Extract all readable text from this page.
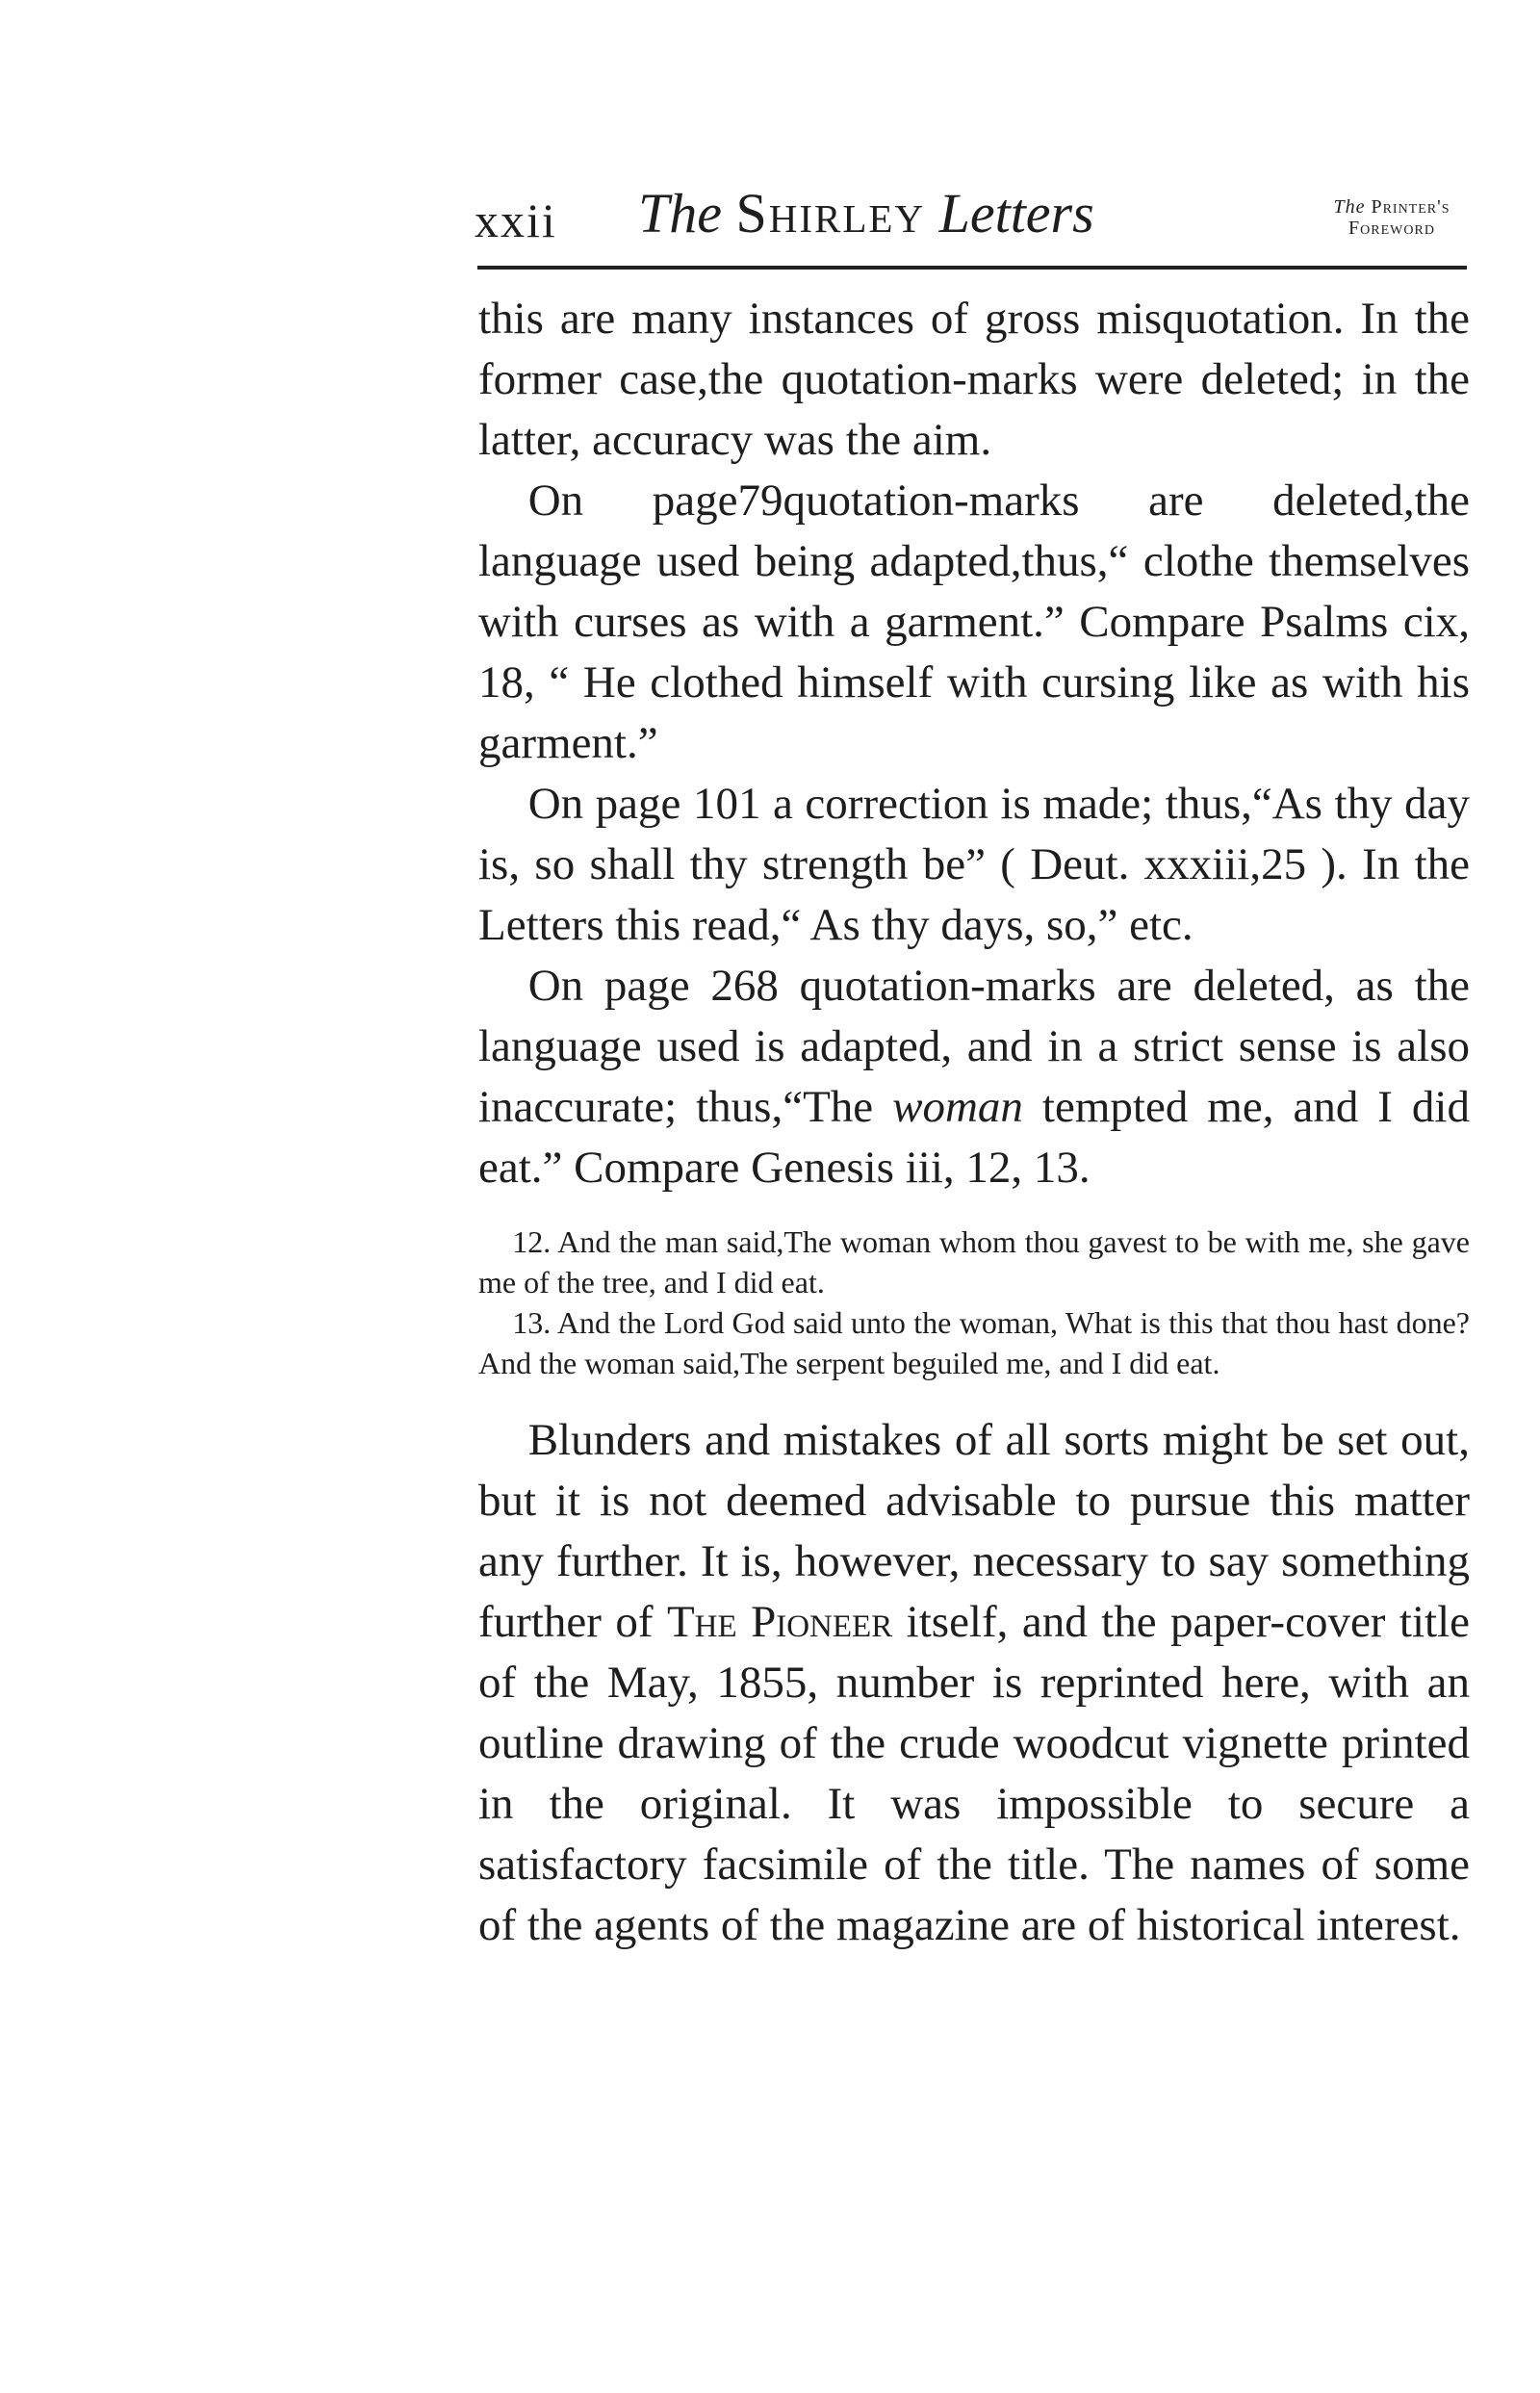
xxii The Shirley Letters	The Printer's
Foreword

this are many instances of gross misquotation. In the former case,the quotation-marks were deleted; in the latter, accuracy was the aim.

On page79quotation-marks are deleted,the language used being adapted,thus,“ clothe themselves with curses as with a garment.” Compare Psalms cix, 18, “ He clothed himself with cursing like as with his garment.”

On page 101 a correction is made; thus,“As thy day is, so shall thy strength be” ( Deut. xxxiii,25 ). In the Letters this read,“ As thy days, so,” etc.

On page 268 quotation-marks are deleted, as the language used is adapted, and in a strict sense is also inaccurate; thus,“The woman tempted me, and I did eat.” Compare Genesis iii, 12, 13.

12. And the man said,The woman whom thou gavest to be with me, she gave me of the tree, and I did eat.

13. And the Lord God said unto the woman, What is this that thou hast done? And the woman said,The serpent beguiled me, and I did eat.

Blunders and mistakes of all sorts might be set out, but it is not deemed advisable to pursue this matter any further. It is, however, necessary to say something further of The Pioneer itself, and the paper-cover title of the May, 1855, number is reprinted here, with an outline drawing of the crude woodcut vignette printed in the original. It was impossible to secure a satisfactory facsimile of the title. The names of some of the agents of the magazine are of historical interest.
